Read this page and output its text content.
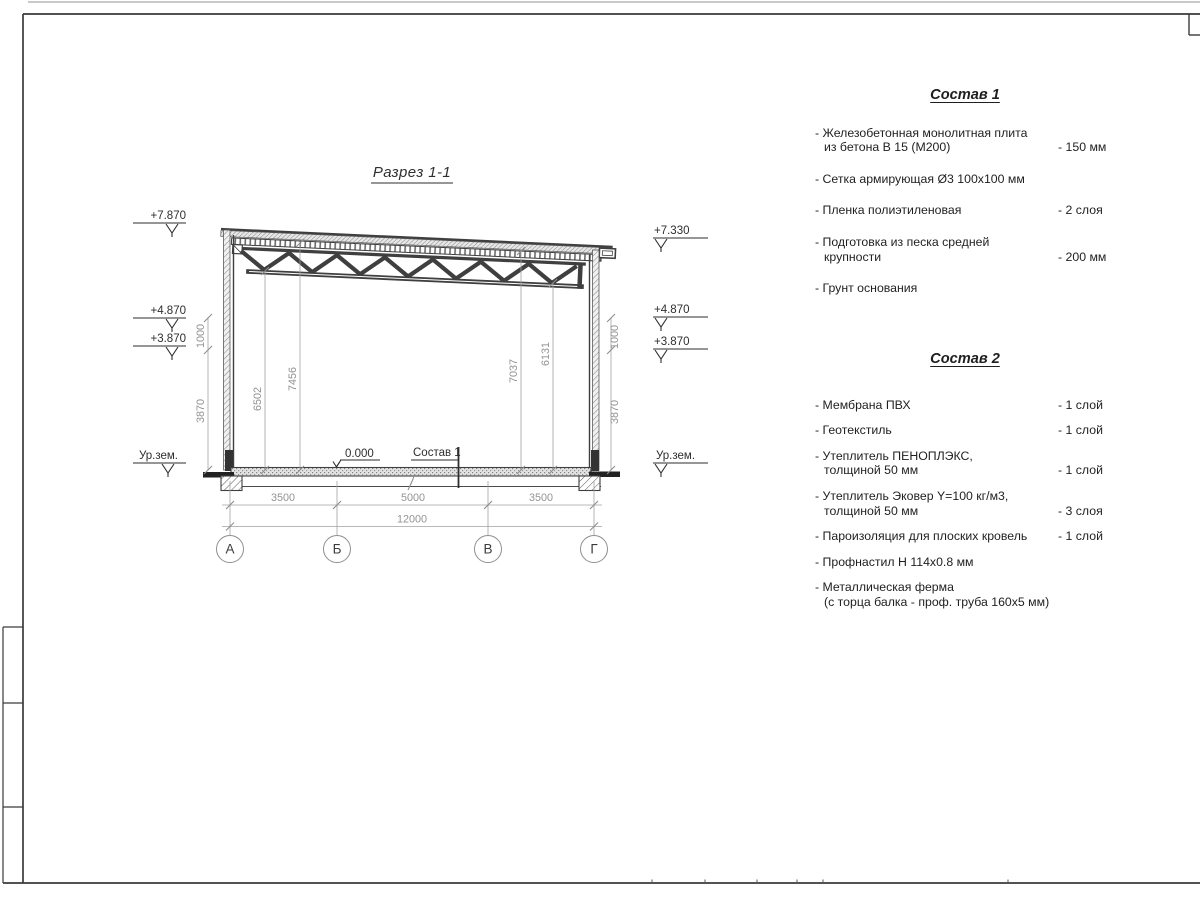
Разрез 1-1
6502
7456	7037
6131
1000
3870
1000
3870
+7.870
+4.870
+3.870
Ур.зем.
+7.330
+4.870
+3.870
Ур.зем.
0.000	Состав 1
3500	5000	3500
12000
А	Б	В	Г
Состав 1
- Железобетонная монолитная плита
из бетона В 15 (М200)	- 150 мм
- Сетка армирующая Ø3 100х100 мм
- Пленка полиэтиленовая	- 2 слоя
- Подготовка из песка средней
крупности	- 200 мм
- Грунт основания
Состав 2
- Мембрана ПВХ	- 1 слой
- Геотекстиль	- 1 слой
- Утеплитель ПЕНОПЛЭКС,
толщиной 50 мм	- 1 слой
- Утеплитель Эковер Y=100 кг/м3,
толщиной 50 мм	- 3 слоя
- Пароизоляция для плоских кровель	- 1 слой
- Профнастил Н 114х0.8 мм
- Металлическая ферма
(с торца балка - проф. труба 160х5 мм)
